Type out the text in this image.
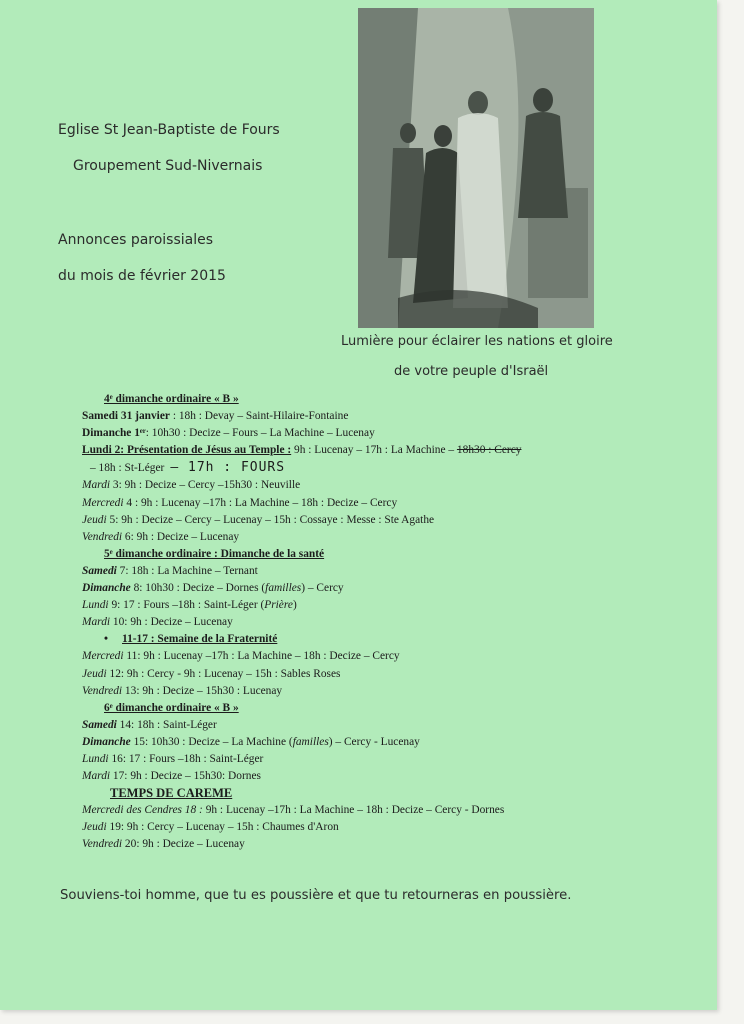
Eglise St Jean-Baptiste de Fours
Groupement Sud-Nivernais
Annonces paroissiales
du mois de février 2015
Lumière pour éclairer les nations et gloire
de votre peuple d'Israël
4ᵉ dimanche ordinaire « B »
Samedi 31 janvier : 18h : Devay – Saint-Hilaire-Fontaine
Dimanche 1ᵉʳ: 10h30 : Decize – Fours – La Machine – Lucenay
Lundi 2: Présentation de Jésus au Temple : 9h : Lucenay – 17h : La Machine – 18h30 : Cercy
– 18h : St-Léger – 17h : FOURS
Mardi 3: 9h : Decize – Cercy –15h30 : Neuville
Mercredi 4 : 9h : Lucenay –17h : La Machine – 18h : Decize – Cercy
Jeudi 5: 9h : Decize – Cercy – Lucenay – 15h : Cossaye : Messe : Ste Agathe
Vendredi 6: 9h : Decize – Lucenay
5ᵉ dimanche ordinaire : Dimanche de la santé
Samedi 7: 18h : La Machine – Ternant
Dimanche 8: 10h30 : Decize – Dornes (familles) – Cercy
Lundi 9: 17 : Fours –18h : Saint-Léger (Prière)
Mardi 10: 9h : Decize – Lucenay
• 11-17 : Semaine de la Fraternité
Mercredi 11: 9h : Lucenay –17h : La Machine – 18h : Decize – Cercy
Jeudi 12: 9h : Cercy - 9h : Lucenay – 15h : Sables Roses
Vendredi 13: 9h : Decize – 15h30 : Lucenay
6ᵉ dimanche ordinaire « B »
Samedi 14: 18h : Saint-Léger
Dimanche 15: 10h30 : Decize – La Machine (familles) – Cercy - Lucenay
Lundi 16: 17 : Fours –18h : Saint-Léger
Mardi 17: 9h : Decize – 15h30: Dornes
TEMPS DE CAREME
Mercredi des Cendres 18 : 9h : Lucenay –17h : La Machine – 18h : Decize – Cercy - Dornes
Jeudi 19: 9h : Cercy – Lucenay – 15h : Chaumes d'Aron
Vendredi 20: 9h : Decize – Lucenay
Souviens-toi homme, que tu es poussière et que tu retourneras en poussière.
